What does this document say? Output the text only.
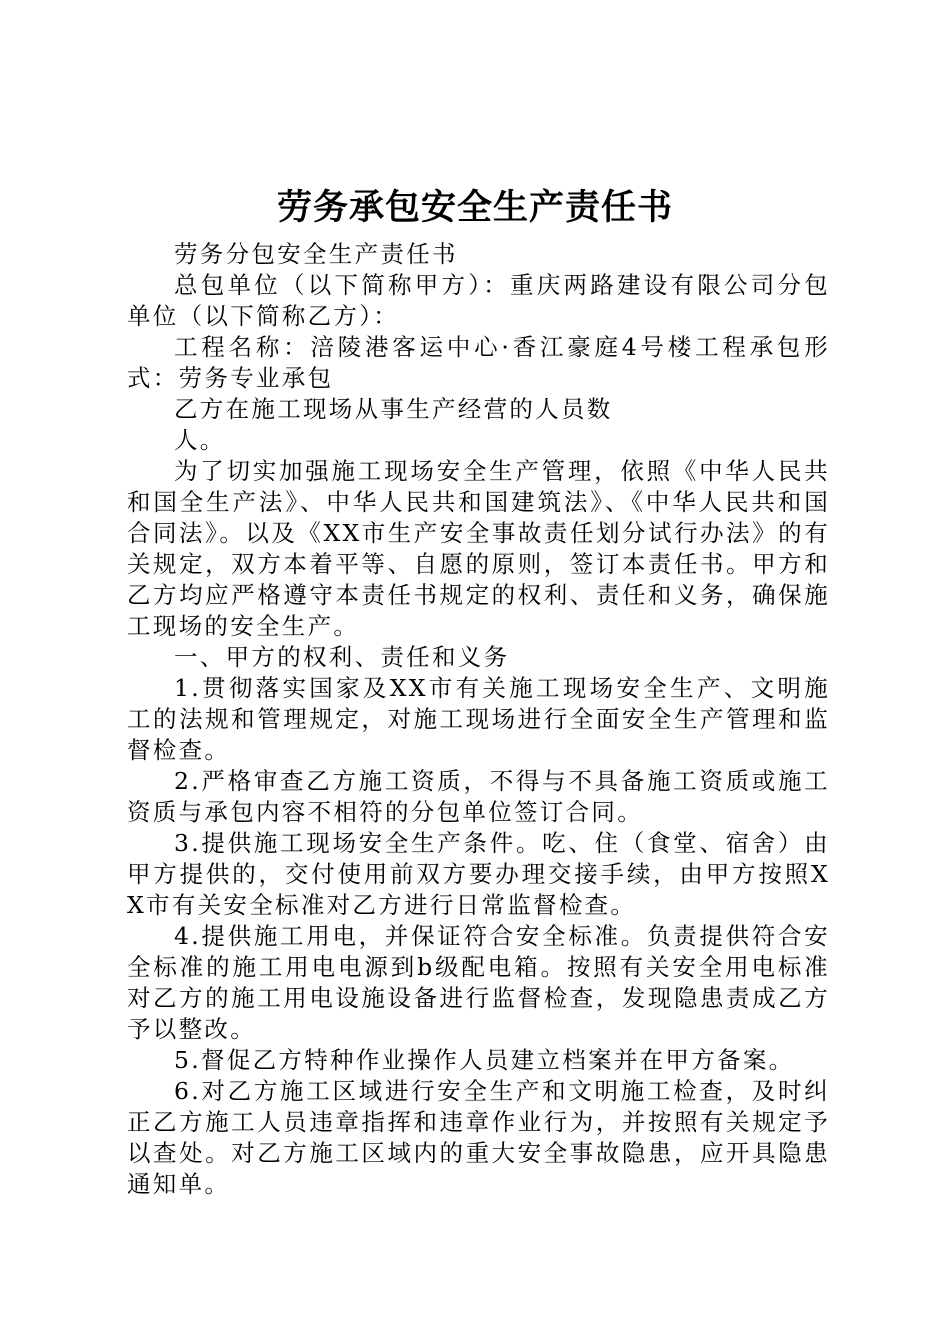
劳务承包安全生产责任书

劳务分包安全生产责任书

总包单位（以下简称甲方）：重庆两路建设有限公司分包单位（以下简称乙方）：

工程名称：涪陵港客运中心·香江豪庭4号楼工程承包形式：劳务专业承包

乙方在施工现场从事生产经营的人员数

人。

为了切实加强施工现场安全生产管理，依照《中华人民共和国全生产法》、中华人民共和国建筑法》、《中华人民共和国合同法》。以及《XX市生产安全事故责任划分试行办法》的有关规定，双方本着平等、自愿的原则，签订本责任书。甲方和乙方均应严格遵守本责任书规定的权利、责任和义务，确保施工现场的安全生产。

一、甲方的权利、责任和义务

1.贯彻落实国家及XX市有关施工现场安全生产、文明施工的法规和管理规定，对施工现场进行全面安全生产管理和监督检查。

2.严格审查乙方施工资质，不得与不具备施工资质或施工资质与承包内容不相符的分包单位签订合同。

3.提供施工现场安全生产条件。吃、住（食堂、宿舍）由甲方提供的，交付使用前双方要办理交接手续，由甲方按照XX市有关安全标准对乙方进行日常监督检查。

4.提供施工用电，并保证符合安全标准。负责提供符合安全标准的施工用电电源到b级配电箱。按照有关安全用电标准对乙方的施工用电设施设备进行监督检查，发现隐患责成乙方予以整改。

5.督促乙方特种作业操作人员建立档案并在甲方备案。

6.对乙方施工区域进行安全生产和文明施工检查，及时纠正乙方施工人员违章指挥和违章作业行为，并按照有关规定予以查处。对乙方施工区域内的重大安全事故隐患，应开具隐患通知单。
